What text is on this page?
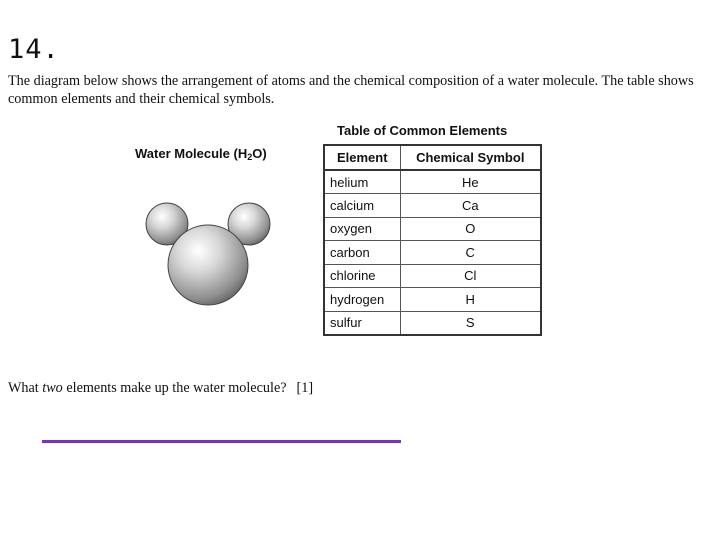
14.
The diagram below shows the arrangement of atoms and the chemical composition of a water molecule. The table shows common elements and their chemical symbols.
Water Molecule $(H_2O)$
Table of Common Elements
Element	Chemical Symbol
helium	He
calcium	Ca
oxygen	O
carbon	C
chlorine	Cl
hydrogen	H
sulfur	S
What two elements make up the water molecule? [1]
